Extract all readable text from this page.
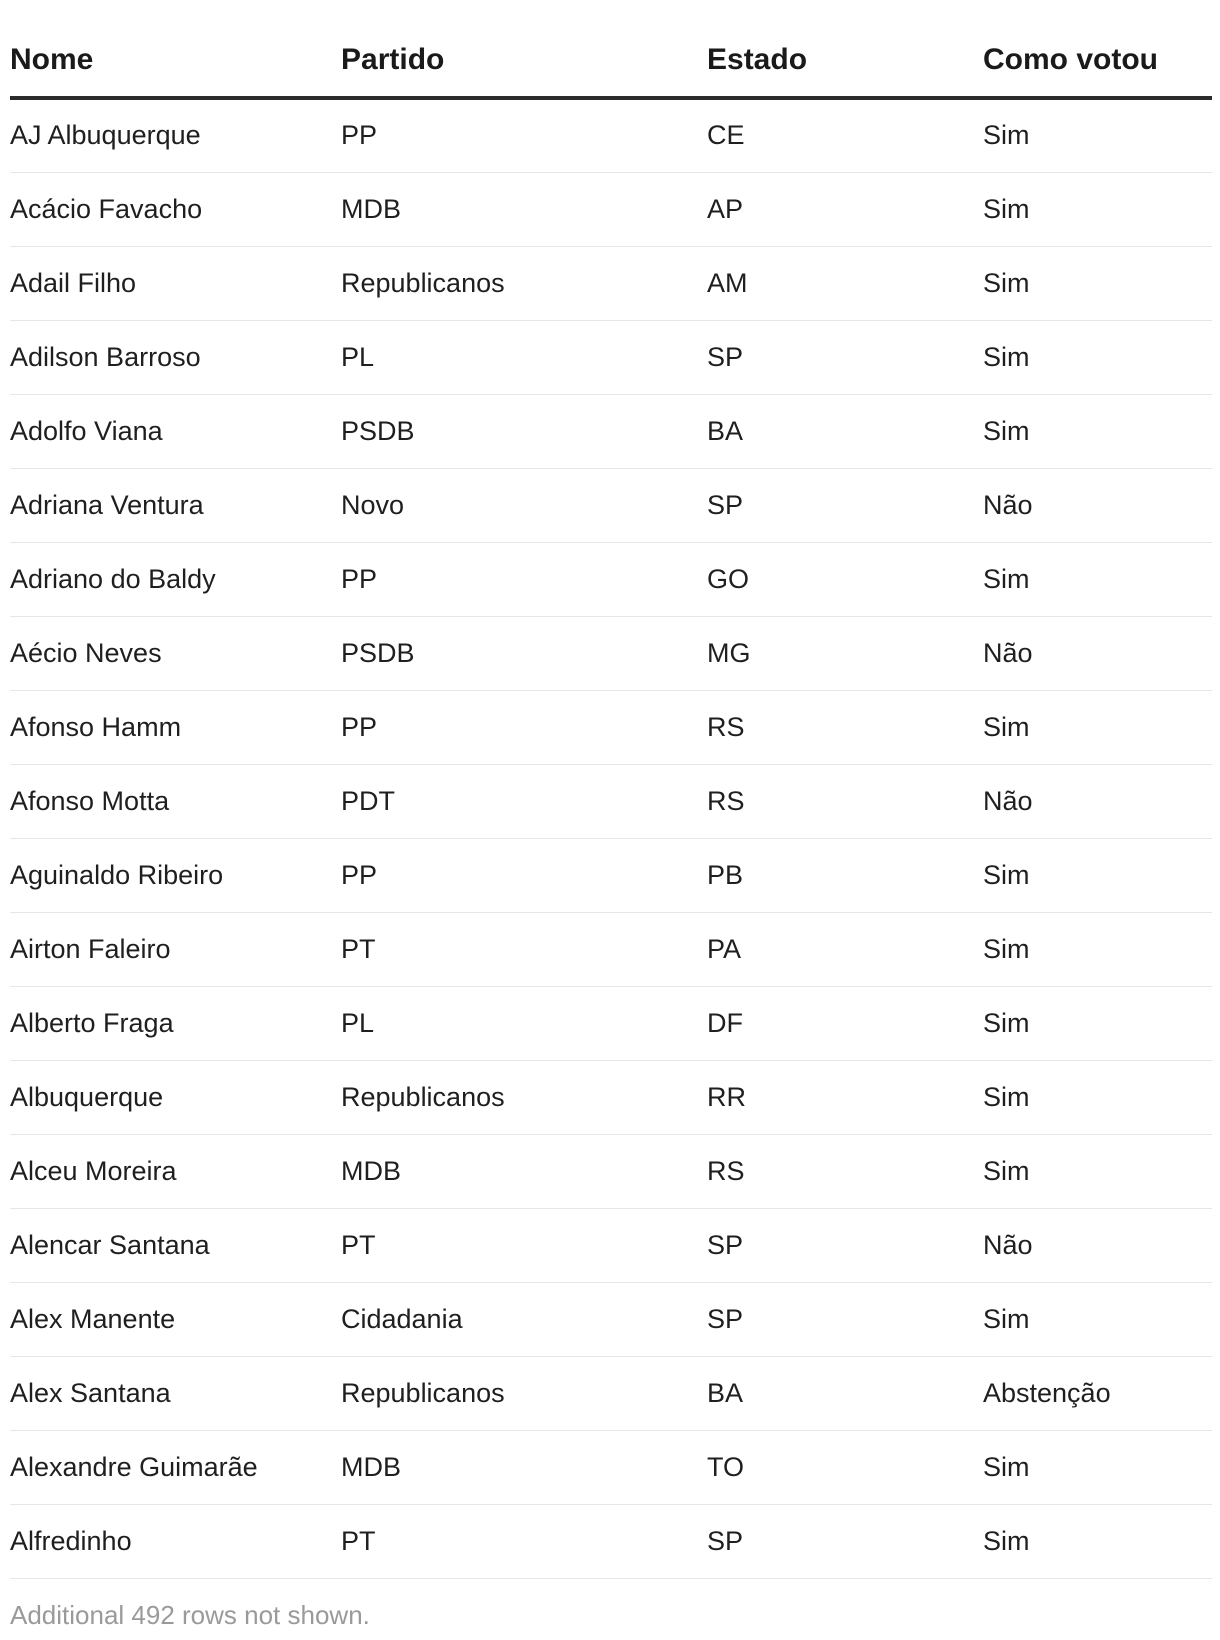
Nome	Partido	Estado	Como votou
AJ Albuquerque	PP	CE	Sim
Acácio Favacho	MDB	AP	Sim
Adail Filho	Republicanos	AM	Sim
Adilson Barroso	PL	SP	Sim
Adolfo Viana	PSDB	BA	Sim
Adriana Ventura	Novo	SP	Não
Adriano do Baldy	PP	GO	Sim
Aécio Neves	PSDB	MG	Não
Afonso Hamm	PP	RS	Sim
Afonso Motta	PDT	RS	Não
Aguinaldo Ribeiro	PP	PB	Sim
Airton Faleiro	PT	PA	Sim
Alberto Fraga	PL	DF	Sim
Albuquerque	Republicanos	RR	Sim
Alceu Moreira	MDB	RS	Sim
Alencar Santana	PT	SP	Não
Alex Manente	Cidadania	SP	Sim
Alex Santana	Republicanos	BA	Abstenção
Alexandre Guimarãe	MDB	TO	Sim
Alfredinho	PT	SP	Sim
Additional 492 rows not shown.
